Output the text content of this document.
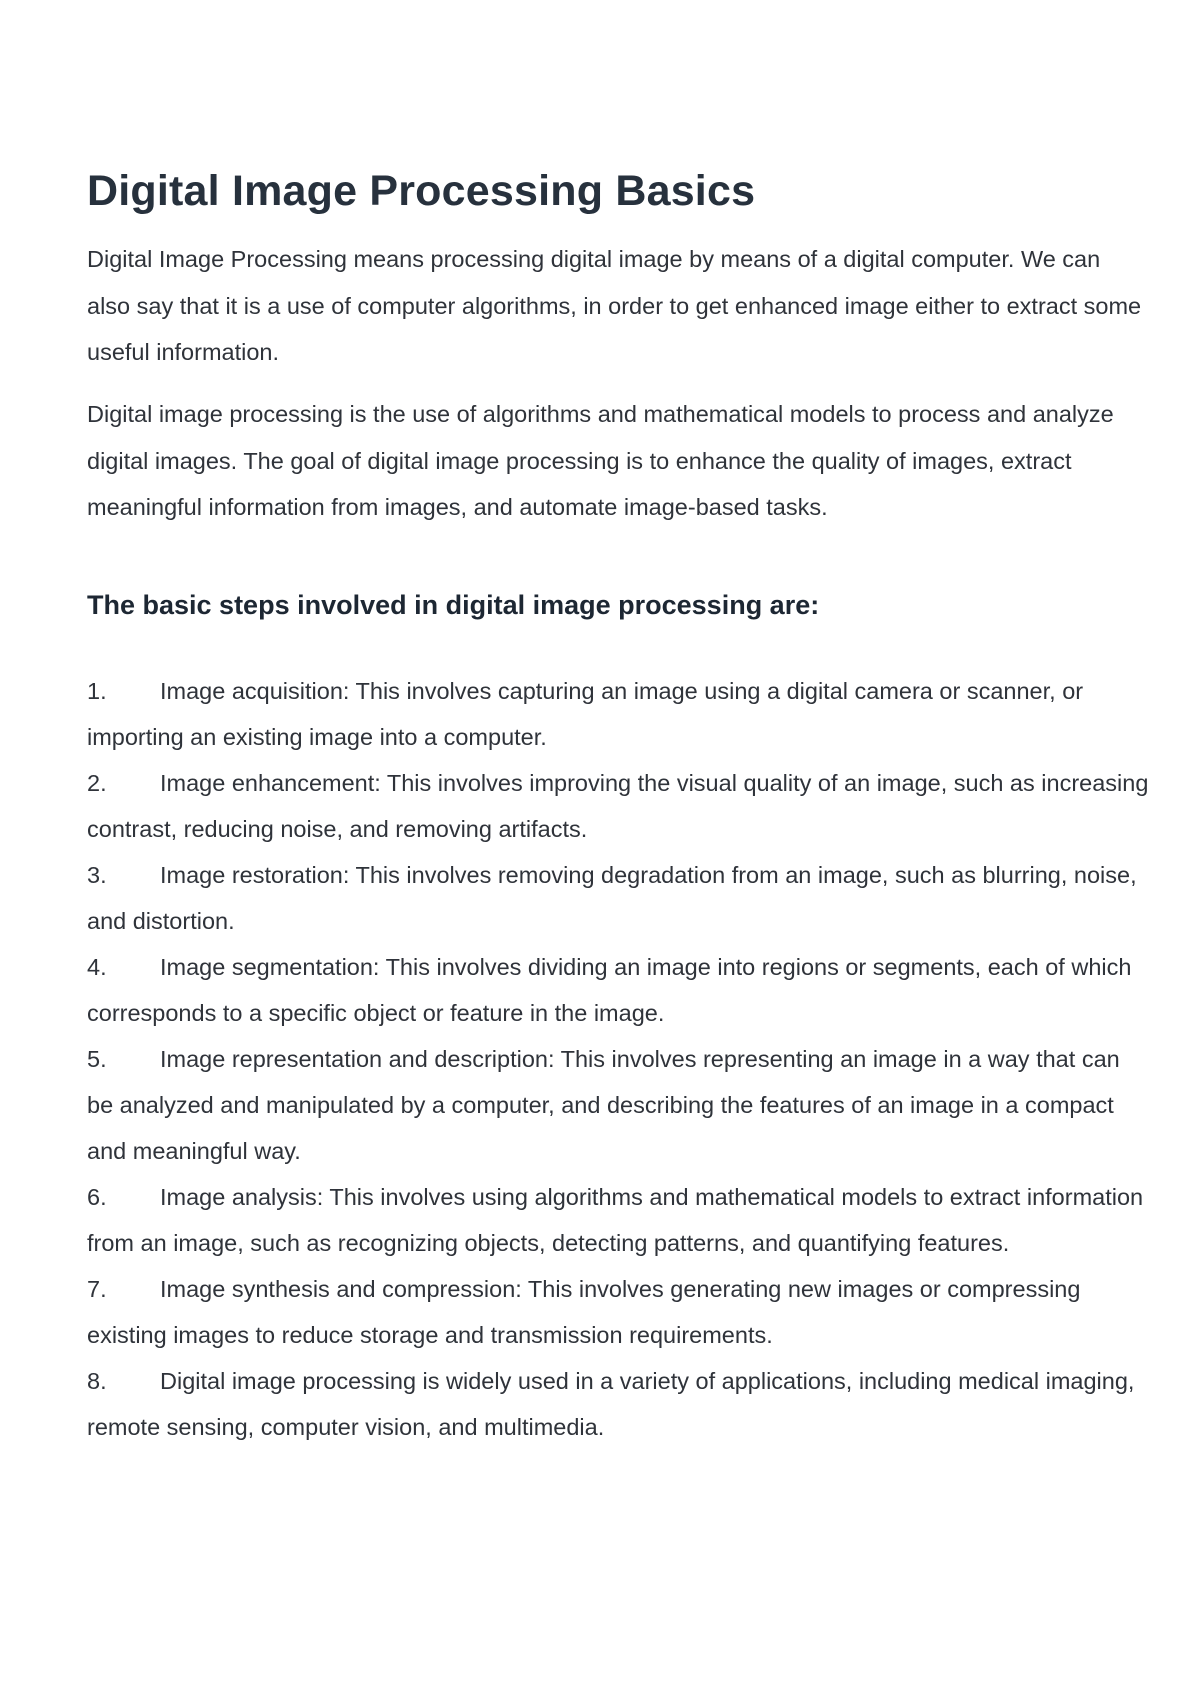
Digital Image Processing Basics

Digital Image Processing means processing digital image by means of a digital computer. We can also say that it is a use of computer algorithms, in order to get enhanced image either to extract some useful information.

Digital image processing is the use of algorithms and mathematical models to process and analyze digital images. The goal of digital image processing is to enhance the quality of images, extract meaningful information from images, and automate image-based tasks.

The basic steps involved in digital image processing are:
1. Image acquisition: This involves capturing an image using a digital camera or scanner, or importing an existing image into a computer.
2. Image enhancement: This involves improving the visual quality of an image, such as increasing contrast, reducing noise, and removing artifacts.
3. Image restoration: This involves removing degradation from an image, such as blurring, noise, and distortion.
4. Image segmentation: This involves dividing an image into regions or segments, each of which corresponds to a specific object or feature in the image.
5. Image representation and description: This involves representing an image in a way that can be analyzed and manipulated by a computer, and describing the features of an image in a compact and meaningful way.
6. Image analysis: This involves using algorithms and mathematical models to extract information from an image, such as recognizing objects, detecting patterns, and quantifying features.
7. Image synthesis and compression: This involves generating new images or compressing existing images to reduce storage and transmission requirements.
8. Digital image processing is widely used in a variety of applications, including medical imaging, remote sensing, computer vision, and multimedia.
